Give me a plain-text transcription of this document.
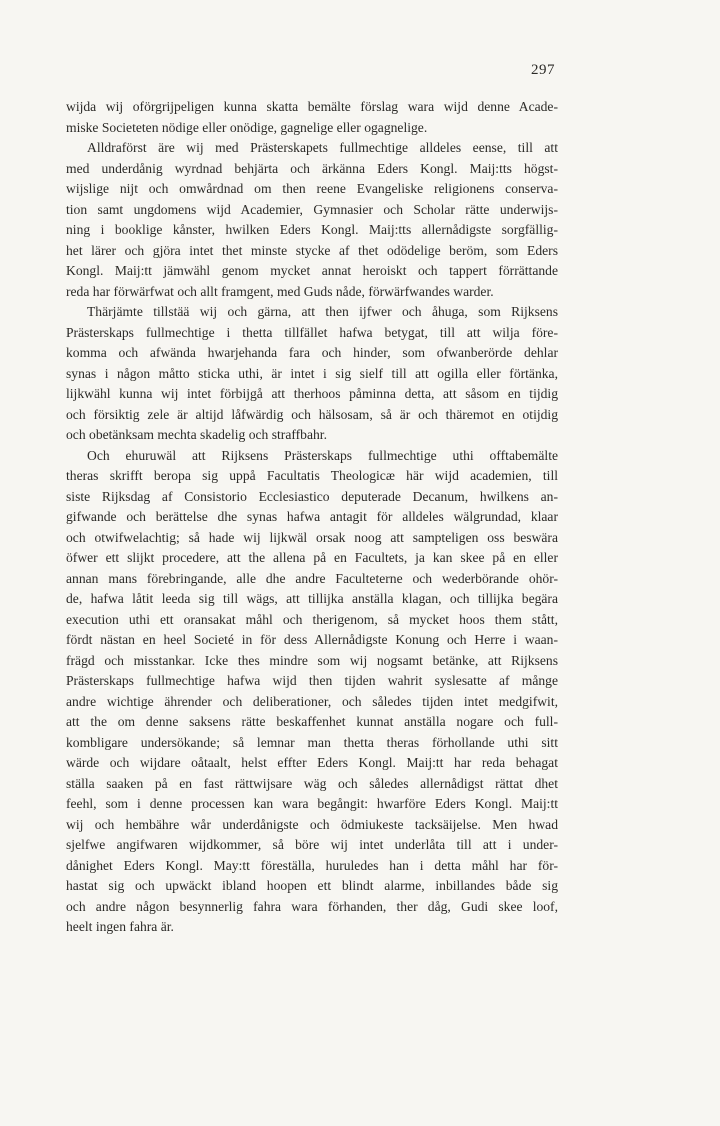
297
wijda wij oförgrijpeligen kunna skatta bemälte förslag wara wijd denne Acade-
miske Societeten nödige eller onödige, gagnelige eller ogagnelige.
Alldraförst äre wij med Prästerskapets fullmechtige alldeles eense, till att
med underdånig wyrdnad behjärta och ärkänna Eders Kongl. Maij:tts högst-
wijslige nijt och omwårdnad om then reene Evangeliske religionens conserva-
tion samt ungdomens wijd Academier, Gymnasier och Scholar rätte underwijs-
ning i booklige kånster, hwilken Eders Kongl. Maij:tts allernådigste sorgfällig-
het lärer och gjöra intet thet minste stycke af thet odödelige beröm, som Eders
Kongl. Maij:tt jämwähl genom mycket annat heroiskt och tappert förrättande
reda har förwärfwat och allt framgent, med Guds nåde, förwärfwandes warder.
Thärjämte tillstää wij och gärna, att then ijfwer och åhuga, som Rijksens
Prästerskaps fullmechtige i thetta tillfället hafwa betygat, till att wilja före-
komma och afwända hwarjehanda fara och hinder, som ofwanberörde dehlar
synas i någon måtto sticka uthi, är intet i sig sielf till att ogilla eller förtänka,
lijkwähl kunna wij intet förbijgå att therhoos påminna detta, att såsom en tijdig
och försiktig zele är altijd låfwärdig och hälsosam, så är och thäremot en otijdig
och obetänksam mechta skadelig och straffbahr.
Och ehuruwäl att Rijksens Prästerskaps fullmechtige uthi offtabemälte
theras skrifft beropa sig uppå Facultatis Theologicæ här wijd academien, till
siste Rijksdag af Consistorio Ecclesiastico deputerade Decanum, hwilkens an-
gifwande och berättelse dhe synas hafwa antagit för alldeles wälgrundad, klaar
och otwifwelachtig; så hade wij lijkwäl orsak noog att sampteligen oss beswära
öfwer ett slijkt procedere, att the allena på en Facultets, ja kan skee på en eller
annan mans förebringande, alle dhe andre Faculteterne och wederbörande ohör-
de, hafwa låtit leeda sig till wägs, att tillijka anställa klagan, och tillijka begära
execution uthi ett oransakat måhl och therigenom, så mycket hoos them stått,
fördt nästan en heel Societé in för dess Allernådigste Konung och Herre i waan-
frägd och misstankar. Icke thes mindre som wij nogsamt betänke, att Rijksens
Prästerskaps fullmechtige hafwa wijd then tijden wahrit syslesatte af månge
andre wichtige ährender och deliberationer, och således tijden intet medgifwit,
att the om denne saksens rätte beskaffenhet kunnat anställa nogare och full-
kombligare undersökande; så lemnar man thetta theras förhollande uthi sitt
wärde och wijdare oåtaalt, helst effter Eders Kongl. Maij:tt har reda behagat
ställa saaken på en fast rättwijsare wäg och således allernådigst rättat dhet
feehl, som i denne processen kan wara begångit: hwarföre Eders Kongl. Maij:tt
wij och hembähre wår underdånigste och ödmiukeste tacksäijelse. Men hwad
sjelfwe angifwaren wijdkommer, så böre wij intet underlåta till att i under-
dånighet Eders Kongl. May:tt föreställa, huruledes han i detta måhl har för-
hastat sig och upwäckt ibland hoopen ett blindt alarme, inbillandes både sig
och andre någon besynnerlig fahra wara förhanden, ther dåg, Gudi skee loof,
heelt ingen fahra är.
